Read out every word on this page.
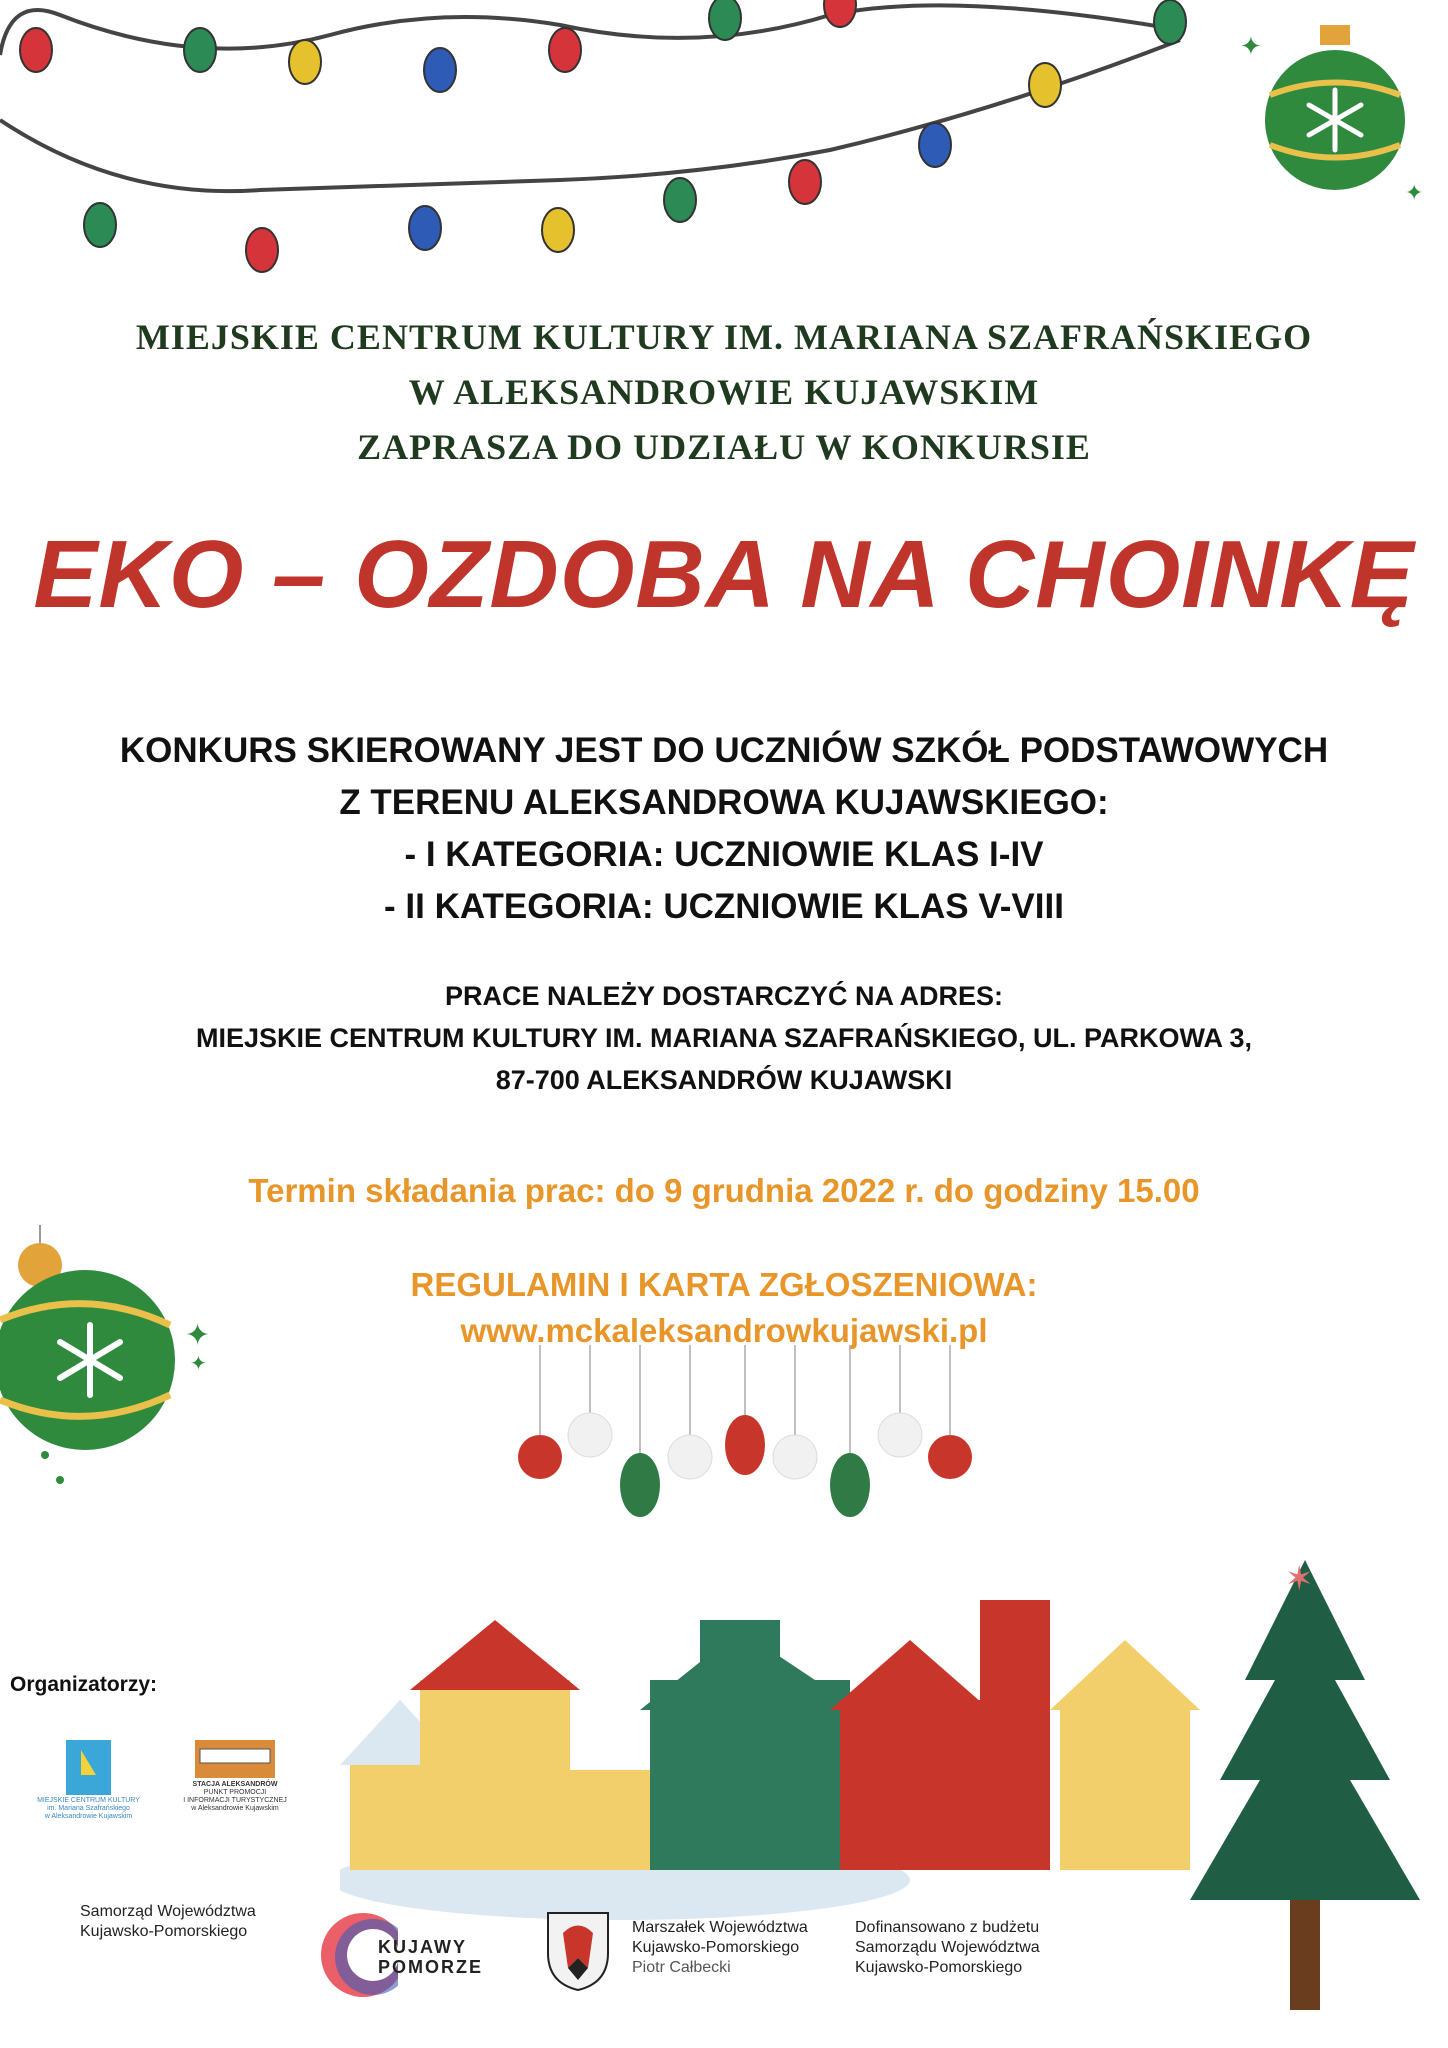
✦
✦
MIEJSKIE CENTRUM KULTURY IM. MARIANA SZAFRAŃSKIEGO
W ALEKSANDROWIE KUJAWSKIM
ZAPRASZA DO UDZIAŁU W KONKURSIE
EKO – OZDOBA NA CHOINKĘ
KONKURS SKIEROWANY JEST DO UCZNIÓW SZKÓŁ PODSTAWOWYCH
Z TERENU ALEKSANDROWA KUJAWSKIEGO:
- I KATEGORIA: UCZNIOWIE KLAS I-IV
- II KATEGORIA: UCZNIOWIE KLAS V-VIII
PRACE NALEŻY DOSTARCZYĆ NA ADRES:
MIEJSKIE CENTRUM KULTURY IM. MARIANA SZAFRAŃSKIEGO, UL. PARKOWA 3,
87-700 ALEKSANDRÓW KUJAWSKI
Termin składania prac: do 9 grudnia 2022 r. do godziny 15.00
REGULAMIN I KARTA ZGŁOSZENIOWA:
www.mckaleksandrowkujawski.pl
✦
✦
✶
Organizatorzy:
MIEJSKIE CENTRUM KULTURY
im. Mariana Szafrańskiego
w Aleksandrowie Kujawskim
STACJA ALEKSANDRÓW
PUNKT PROMOCJI
I INFORMACJI TURYSTYCZNEJ
w Aleksandrowie Kujawskim
Samorząd Województwa
Kujawsko-Pomorskiego
KUJAWY
POMORZE
Marszałek Województwa
Kujawsko-Pomorskiego
Piotr Całbecki
Dofinansowano z budżetu
Samorządu Województwa
Kujawsko-Pomorskiego
